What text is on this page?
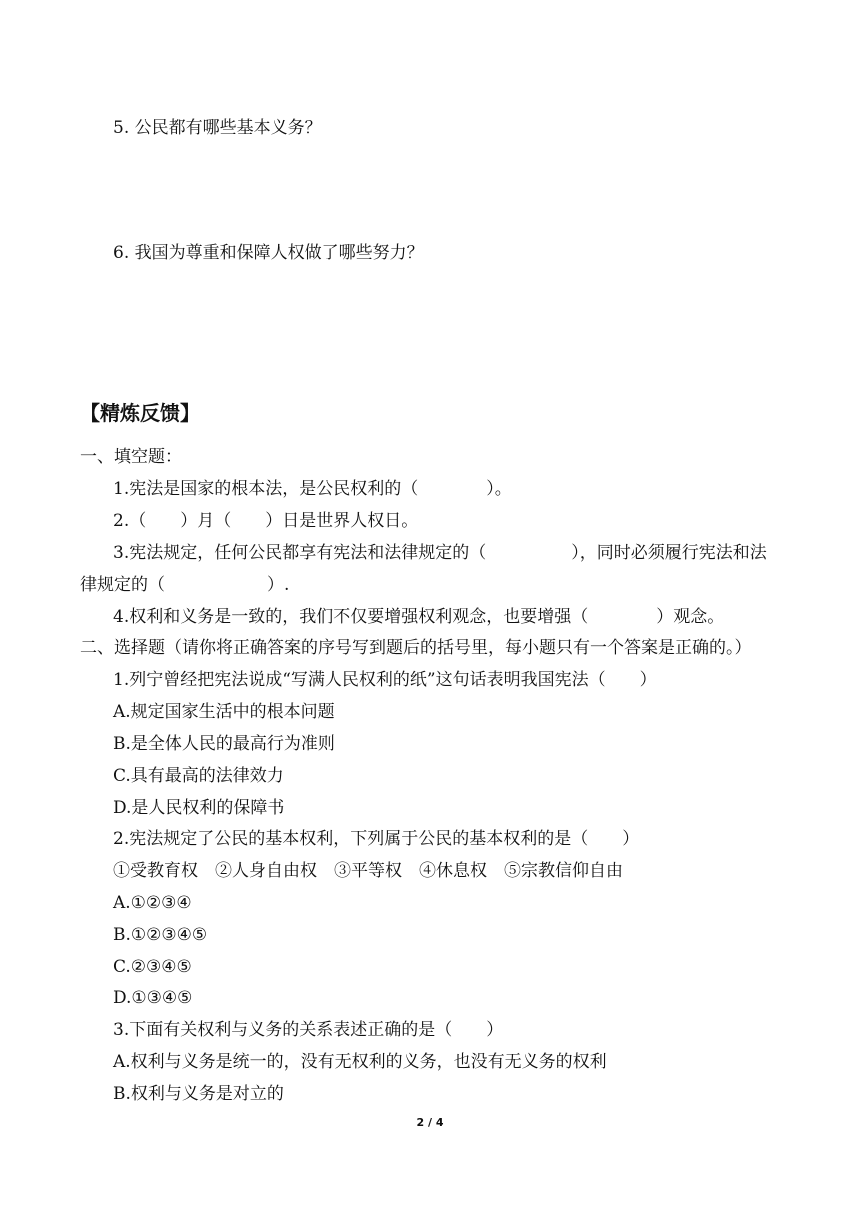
5. 公民都有哪些基本义务？
6. 我国为尊重和保障人权做了哪些努力？
【精炼反馈】
一、填空题：
1.宪法是国家的根本法，是公民权利的（　　　　）。
2.（　　）月（　　）日是世界人权日。
3.宪法规定，任何公民都享有宪法和法律规定的（　　　　　），同时必须履行宪法和法
律规定的（　　　　　　）.
4.权利和义务是一致的，我们不仅要增强权利观念，也要增强（　　　　）观念。
二、选择题（请你将正确答案的序号写到题后的括号里，每小题只有一个答案是正确的。）
1.列宁曾经把宪法说成“写满人民权利的纸”这句话表明我国宪法（　　）
A.规定国家生活中的根本问题
B.是全体人民的最高行为准则
C.具有最高的法律效力
D.是人民权利的保障书
2.宪法规定了公民的基本权利，下列属于公民的基本权利的是（　　）
①受教育权　②人身自由权　③平等权　④休息权　⑤宗教信仰自由
A.①②③④
B.①②③④⑤
C.②③④⑤
D.①③④⑤
3.下面有关权利与义务的关系表述正确的是（　　）
A.权利与义务是统一的，没有无权利的义务，也没有无义务的权利
B.权利与义务是对立的
2 / 4
